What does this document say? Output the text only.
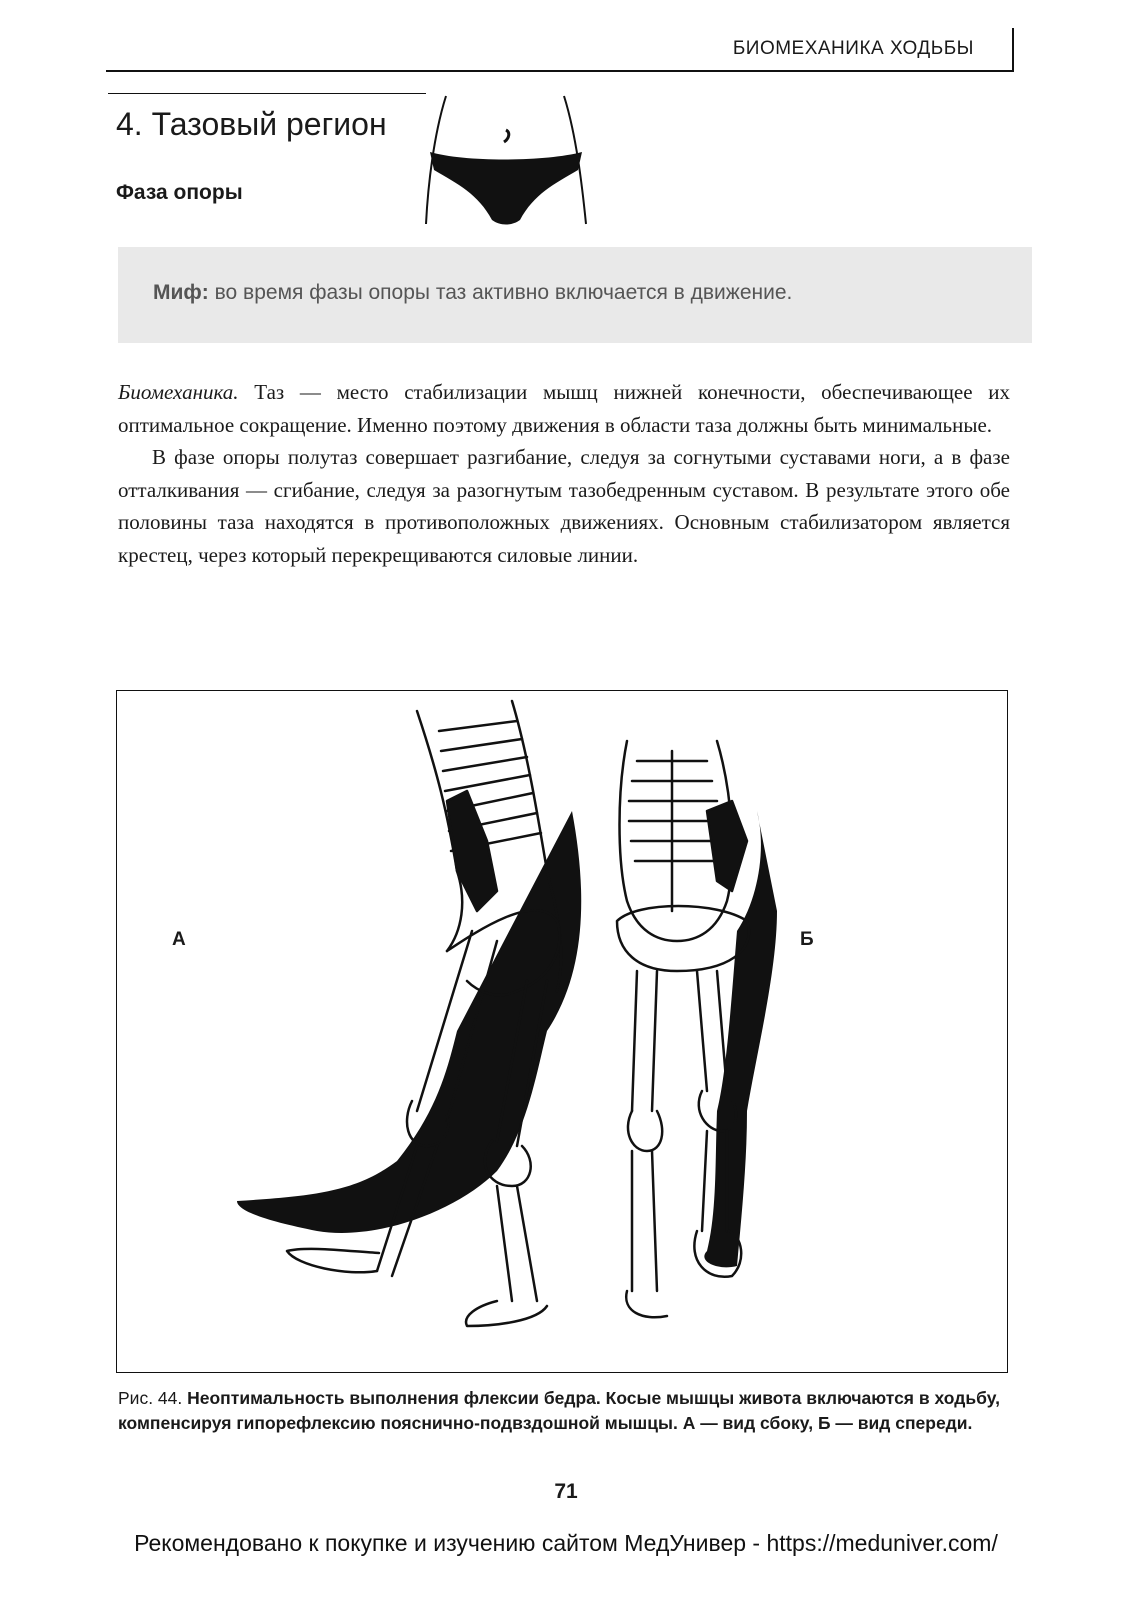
БИОМЕХАНИКА ХОДЬБЫ
4. Тазовый регион
Фаза опоры
Миф: во время фазы опоры таз активно включается в движение.

Биомеханика. Таз — место стабилизации мышц нижней конечности, обеспечивающее их оптимальное сокращение. Именно поэтому движения в области таза должны быть минимальные.

В фазе опоры полутаз совершает разгибание, следуя за согнутыми суставами ноги, а в фазе отталкивания — сгибание, следуя за разогнутым тазобедренным суставом. В результате этого обе половины таза находятся в противоположных движениях. Основным стабилизатором является крестец, через который перекрещиваются силовые линии.

А	Б
Рис. 44. Неоптимальность выполнения флексии бедра. Косые мышцы живота включаются в ходьбу, компенсируя гипорефлексию пояснично-подвздошной мышцы. А — вид сбоку, Б — вид спереди.
71
Рекомендовано к покупке и изучению сайтом МедУнивер - https://meduniver.com/
